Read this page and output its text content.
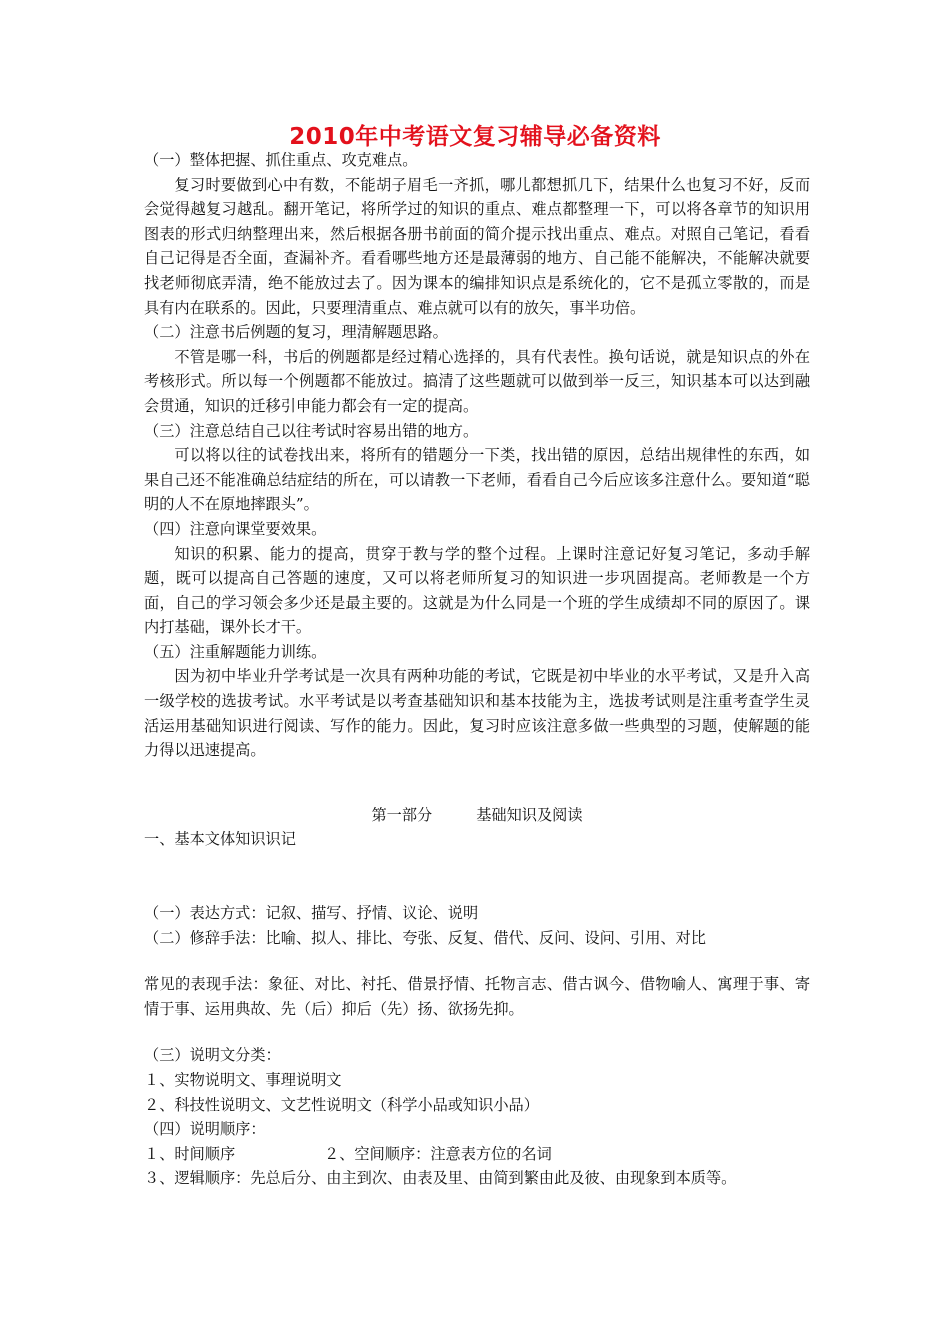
2010年中考语文复习辅导必备资料

（一）整体把握、抓住重点、攻克难点。

复习时要做到心中有数，不能胡子眉毛一齐抓，哪儿都想抓几下，结果什么也复习不好，反而会觉得越复习越乱。翻开笔记，将所学过的知识的重点、难点都整理一下，可以将各章节的知识用图表的形式归纳整理出来，然后根据各册书前面的简介提示找出重点、难点。对照自己笔记，看看自己记得是否全面，查漏补齐。看看哪些地方还是最薄弱的地方、自己能不能解决，不能解决就要找老师彻底弄清，绝不能放过去了。因为课本的编排知识点是系统化的，它不是孤立零散的，而是具有内在联系的。因此，只要理清重点、难点就可以有的放矢，事半功倍。

（二）注意书后例题的复习，理清解题思路。

不管是哪一科，书后的例题都是经过精心选择的，具有代表性。换句话说，就是知识点的外在考核形式。所以每一个例题都不能放过。搞清了这些题就可以做到举一反三，知识基本可以达到融会贯通，知识的迁移引申能力都会有一定的提高。

（三）注意总结自己以往考试时容易出错的地方。

可以将以往的试卷找出来，将所有的错题分一下类，找出错的原因，总结出规律性的东西，如果自己还不能准确总结症结的所在，可以请教一下老师，看看自己今后应该多注意什么。要知道“聪明的人不在原地摔跟头”。

（四）注意向课堂要效果。

知识的积累、能力的提高，贯穿于教与学的整个过程。上课时注意记好复习笔记，多动手解题，既可以提高自己答题的速度，又可以将老师所复习的知识进一步巩固提高。老师教是一个方面，自己的学习领会多少还是最主要的。这就是为什么同是一个班的学生成绩却不同的原因了。课内打基础，课外长才干。

（五）注重解题能力训练。

因为初中毕业升学考试是一次具有两种功能的考试，它既是初中毕业的水平考试，又是升入高一级学校的选拔考试。水平考试是以考查基础知识和基本技能为主，选拔考试则是注重考查学生灵活运用基础知识进行阅读、写作的能力。因此，复习时应该注意多做一些典型的习题，使解题的能力得以迅速提高。

第一部分	基础知识及阅读

一、基本文体知识识记

（一）表达方式：记叙、描写、抒情、议论、说明

（二）修辞手法：比喻、拟人、排比、夸张、反复、借代、反问、设问、引用、对比

常见的表现手法：象征、对比、衬托、借景抒情、托物言志、借古讽今、借物喻人、寓理于事、寄情于事、运用典故、先（后）抑后（先）扬、欲扬先抑。

（三）说明文分类：

１、实物说明文、事理说明文

２、科技性说明文、文艺性说明文（科学小品或知识小品）

（四）说明顺序：

１、时间顺序	２、空间顺序：注意表方位的名词

３、逻辑顺序：先总后分、由主到次、由表及里、由简到繁由此及彼、由现象到本质等。
